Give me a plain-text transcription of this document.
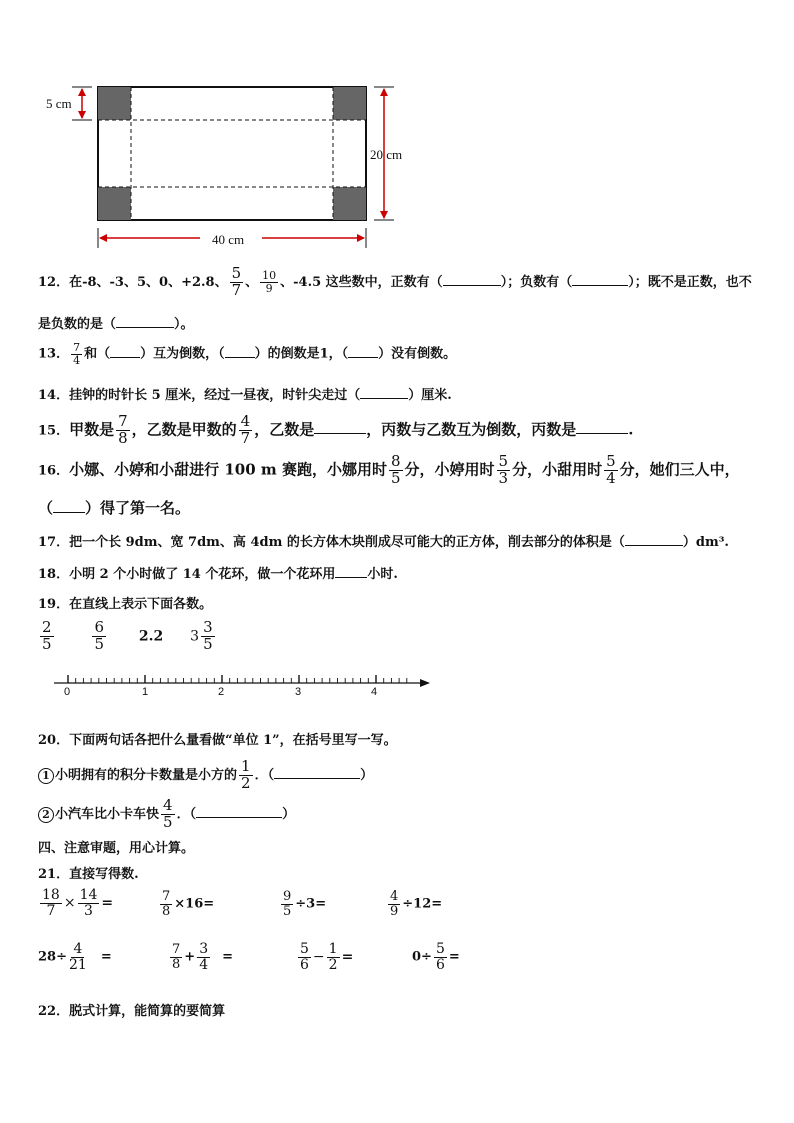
5 cm
20 cm
40 cm
12．在-8、-3、5、0、+2.8、 $\frac{5}{7}$ 、 $\frac{10}{9}$ 、-4.5 这些数中，正数有（	）；负数有（	）；既不是正数，也不
是负数的是（	）。
13． $\frac{7}{4}$ 和（ ）互为倒数，（ ）的倒数是1，（ ）没有倒数。
14．挂钟的时针长 5 厘米，经过一昼夜，时针尖走过（	）厘米.
15．甲数是 $\frac{7}{8}$ ，乙数是甲数的 $\frac{4}{7}$ ，乙数是	，丙数与乙数互为倒数，丙数是	.
16．小娜、小婷和小甜进行 100 m 赛跑，小娜用时 $\frac{8}{5}$ 分，小婷用时 $\frac{5}{3}$ 分，小甜用时 $\frac{5}{4}$ 分，她们三人中，
（ ）得了第一名。
17．把一个长 9dm、宽 7dm、高 4dm 的长方体木块削成尽可能大的正方体，削去部分的体积是（	）dm³.
18．小明 2 个小时做了 14 个花环，做一个花环用 小时.
19．在直线上表示下面各数。
$\frac{2}{5}$
	$\frac{6}{5} 2.2$ $3 \frac{3}{5}$
0	1	2	3	4
20．下面两句话各把什么量看做“单位 1”，在括号里写一写。
1 小明拥有的积分卡数量是小方的 $\frac{1}{2}$ ．（	）
2 小汽车比小卡车快 $\frac{4}{5}$ ．（	）
四、注意审题，用心计算。
21．直接写得数.
$\frac{18}{7} \times \frac{14}{3}$ =	$\frac{7}{8} \times 16=$	$\frac{9}{5} \div 3=$	$\frac{4}{9} \div 12=$
$28\div \frac{4}{21}$ =	$\frac{7}{8} + \frac{3}{4}$ =	$\frac{5}{6} - \frac{1}{2}$ =	$0\div \frac{5}{6}$ =
22．脱式计算，能简算的要简算
